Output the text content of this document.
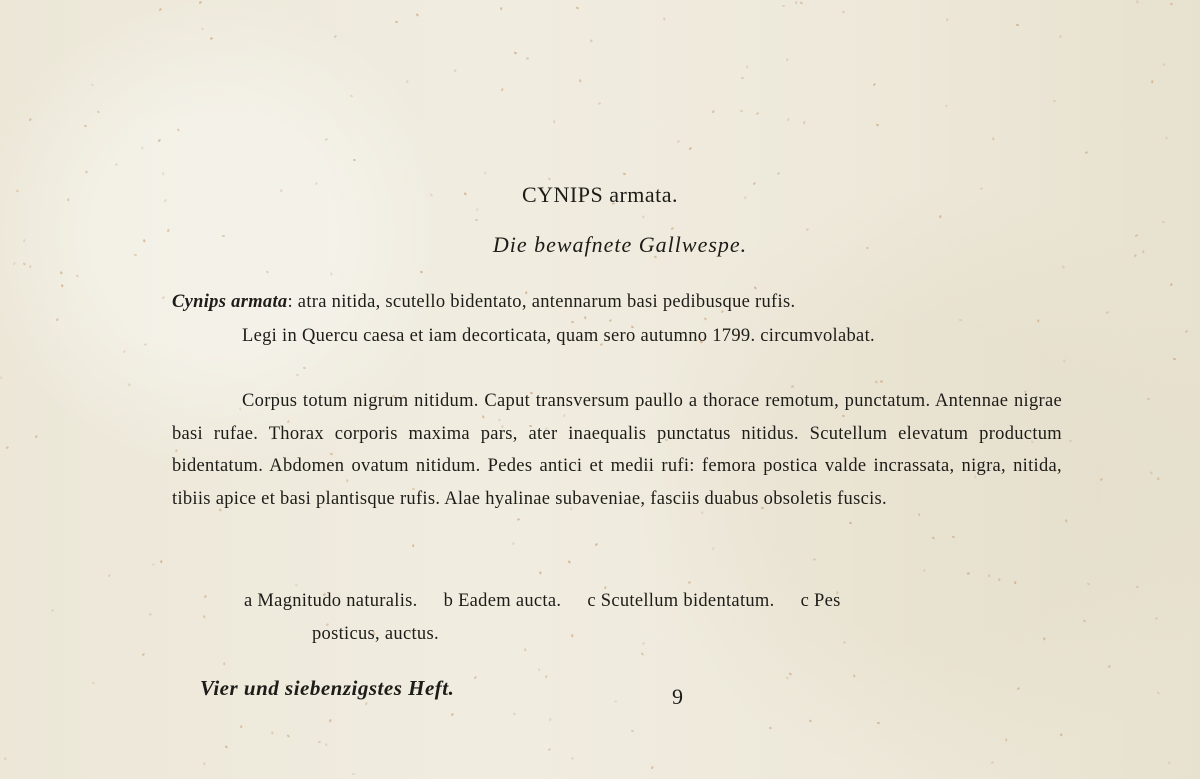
CYNIPS armata.
Die bewafnete Gallwespe.

Cynips armata: atra nitida, scutello bidentato, antennarum basi pedibusque rufis.

Legi in Quercu caesa et iam decorticata, quam sero autumno 1799. circumvolabat.

Corpus totum nigrum nitidum. Caput transversum paullo a thorace remotum, punctatum. Antennae nigrae basi rufae. Thorax corporis maxima pars, ater inaequalis punctatus nitidus. Scutellum elevatum productum bidentatum. Abdomen ovatum nitidum. Pedes antici et medii rufi: femora postica valde incrassata, nigra, nitida, tibiis apice et basi plantisque rufis. Alae hyalinae subaveniae, fasciis duabus obsoletis fuscis.

a Magnitudo naturalis. b Eadem aucta. c Scutellum bidentatum. c Pes
posticus, auctus.

Vier und siebenzigstes Heft.	9
